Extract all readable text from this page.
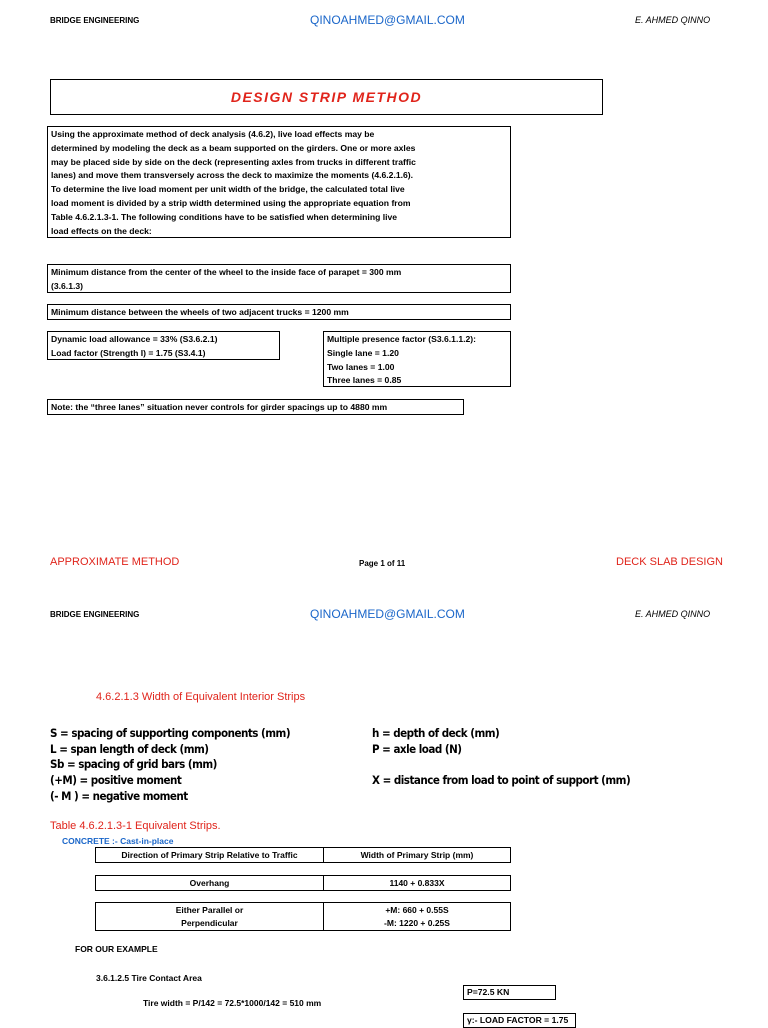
BRIDGE ENGINEERING	QINOAHMED@GMAIL.COM	E. AHMED QINNO
DESIGN STRIP METHOD
Using the approximate method of deck analysis (4.6.2), live load effects may be
determined by modeling the deck as a beam supported on the girders. One or more axles
may be placed side by side on the deck (representing axles from trucks in different traffic
lanes) and move them transversely across the deck to maximize the moments (4.6.2.1.6).
To determine the live load moment per unit width of the bridge, the calculated total live
load moment is divided by a strip width determined using the appropriate equation from
Table 4.6.2.1.3-1. The following conditions have to be satisfied when determining live
load effects on the deck:
Minimum distance from the center of the wheel to the inside face of parapet = 300 mm
(3.6.1.3)
Minimum distance between the wheels of two adjacent trucks = 1200 mm
Dynamic load allowance = 33% (S3.6.2.1)
Load factor (Strength I) = 1.75 (S3.4.1)
Multiple presence factor (S3.6.1.1.2):
Single lane = 1.20
Two lanes = 1.00
Three lanes = 0.85
Note: the “three lanes” situation never controls for girder spacings up to 4880 mm
APPROXIMATE METHOD	Page 1 of 11	DECK SLAB DESIGN
BRIDGE ENGINEERING	QINOAHMED@GMAIL.COM	E. AHMED QINNO
4.6.2.1.3 Width of Equivalent Interior Strips
S = spacing of supporting components (mm)
L = span length of deck (mm)
Sb = spacing of grid bars (mm)
(+M) = positive moment
(- M ) = negative moment
h = depth of deck (mm)
P = axle load (N)
X = distance from load to point of support (mm)
Table 4.6.2.1.3-1 Equivalent Strips.
CONCRETE :- Cast-in-place
Direction of Primary Strip Relative to Traffic	Width of Primary Strip (mm)
Overhang	1140 + 0.833X
Either Parallel or
Perpendicular
+M: 660 + 0.55S
-M: 1220 + 0.25S
FOR OUR EXAMPLE
3.6.1.2.5 Tire Contact Area
Tire width = P/142 = 72.5*1000/142 = 510 mm
P=72.5 KN
γ:- LOAD FACTOR = 1.75
